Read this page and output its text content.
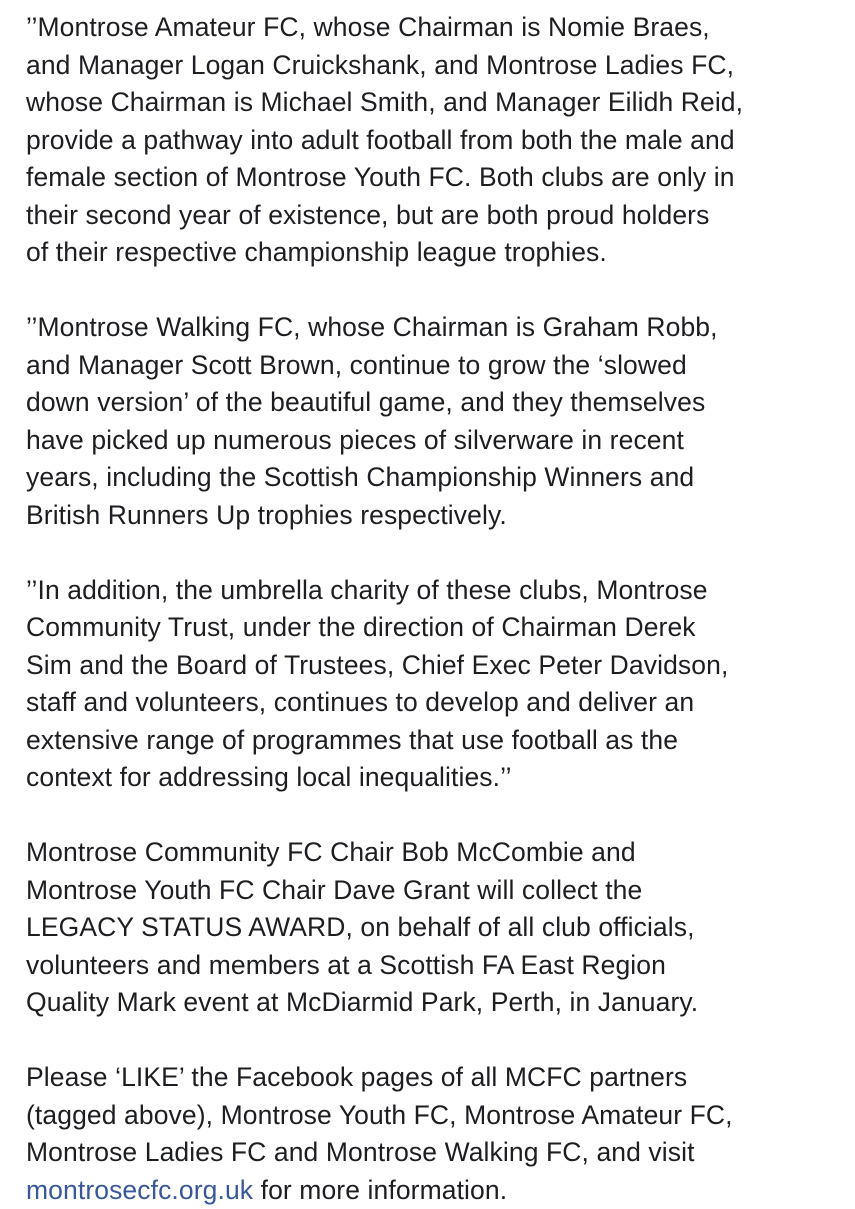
’’Montrose Amateur FC, whose Chairman is Nomie Braes,
and Manager Logan Cruickshank, and Montrose Ladies FC,
whose Chairman is Michael Smith, and Manager Eilidh Reid,
provide a pathway into adult football from both the male and
female section of Montrose Youth FC. Both clubs are only in
their second year of existence, but are both proud holders
of their respective championship league trophies.
’’Montrose Walking FC, whose Chairman is Graham Robb,
and Manager Scott Brown, continue to grow the ‘slowed
down version’ of the beautiful game, and they themselves
have picked up numerous pieces of silverware in recent
years, including the Scottish Championship Winners and
British Runners Up trophies respectively.
’’In addition, the umbrella charity of these clubs, Montrose
Community Trust, under the direction of Chairman Derek
Sim and the Board of Trustees, Chief Exec Peter Davidson,
staff and volunteers, continues to develop and deliver an
extensive range of programmes that use football as the
context for addressing local inequalities.’’
Montrose Community FC Chair Bob McCombie and
Montrose Youth FC Chair Dave Grant will collect the
LEGACY STATUS AWARD, on behalf of all club officials,
volunteers and members at a Scottish FA East Region
Quality Mark event at McDiarmid Park, Perth, in January.
Please ‘LIKE’ the Facebook pages of all MCFC partners
(tagged above), Montrose Youth FC, Montrose Amateur FC,
Montrose Ladies FC and Montrose Walking FC, and visit
montrosecfc.org.uk for more information.
